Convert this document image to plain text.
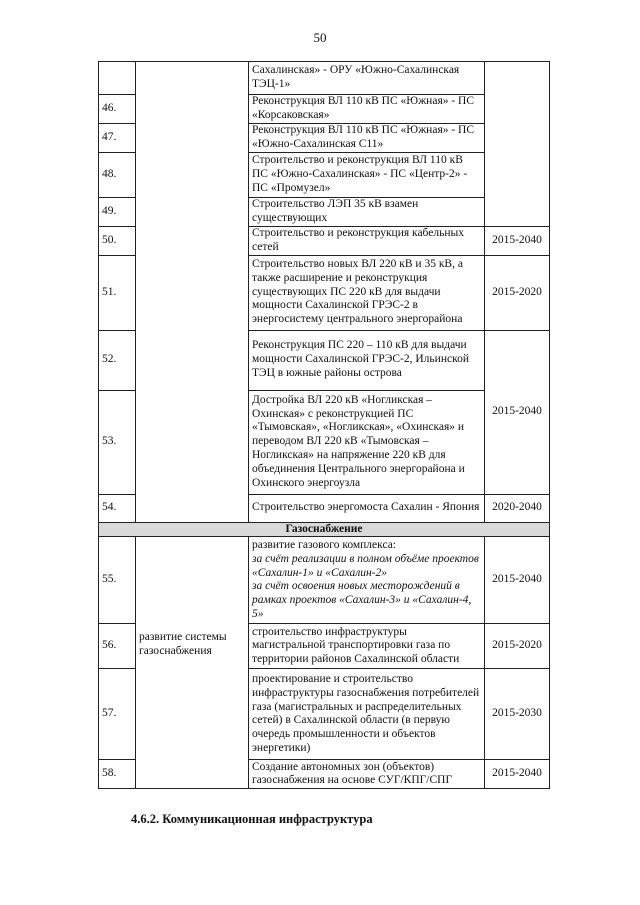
50
		Сахалинская» - ОРУ «Южно-Сахалинская ТЭЦ-1»	
46.		Реконструкция ВЛ 110 кВ ПС «Южная» - ПС «Корсаковская»	
47.		Реконструкция ВЛ 110 кВ ПС «Южная» - ПС «Южно-Сахалинская С11»	
48.		Строительство и реконструкция ВЛ 110 кВ ПС «Южно-Сахалинская» - ПС «Центр-2» - ПС «Промузел»	
49.		Строительство ЛЭП 35 кВ взамен существующих	
50.		Строительство и реконструкция кабельных сетей	2015-2040
51.		Строительство новых ВЛ 220 кВ и 35 кВ, а также расширение и реконструкция существующих ПС 220 кВ для выдачи мощности Сахалинской ГРЭС-2 в энергосистему центрального энергорайона	2015-2020
52.		Реконструкция ПС 220 – 110 кВ для выдачи мощности Сахалинской ГРЭС-2, Ильинской ТЭЦ в южные районы острова	2015-2040
53.		Достройка ВЛ 220 кВ «Ногликская – Охинская» с реконструкцией ПС «Тымовская», «Ногликская», «Охинская» и переводом ВЛ 220 кВ «Тымовская – Ногликская» на напряжение 220 кВ для объединения Центрального энергорайона и Охинского энергоузла	
54.		Строительство энергомоста Сахалин - Япония	2020-2040
Газоснабжение			
55.	развитие системы газоснабжения	развитие газового комплекса:
за счёт реализации в полном объёме проектов «Сахалин-1» и «Сахалин-2»
за счёт освоения новых месторождений в рамках проектов «Сахалин-3» и «Сахалин-4, 5»	2015-2040
56.		строительство инфраструктуры магистральной транспортировки газа по территории районов Сахалинской области	2015-2020
57.		проектирование и строительство инфраструктуры газоснабжения потребителей газа (магистральных и распределительных сетей) в Сахалинской области (в первую очередь промышленности и объектов энергетики)	2015-2030
58.		Создание автономных зон (объектов) газоснабжения на основе СУГ/КПГ/СПГ	2015-2040
4.6.2. Коммуникационная инфраструктура
